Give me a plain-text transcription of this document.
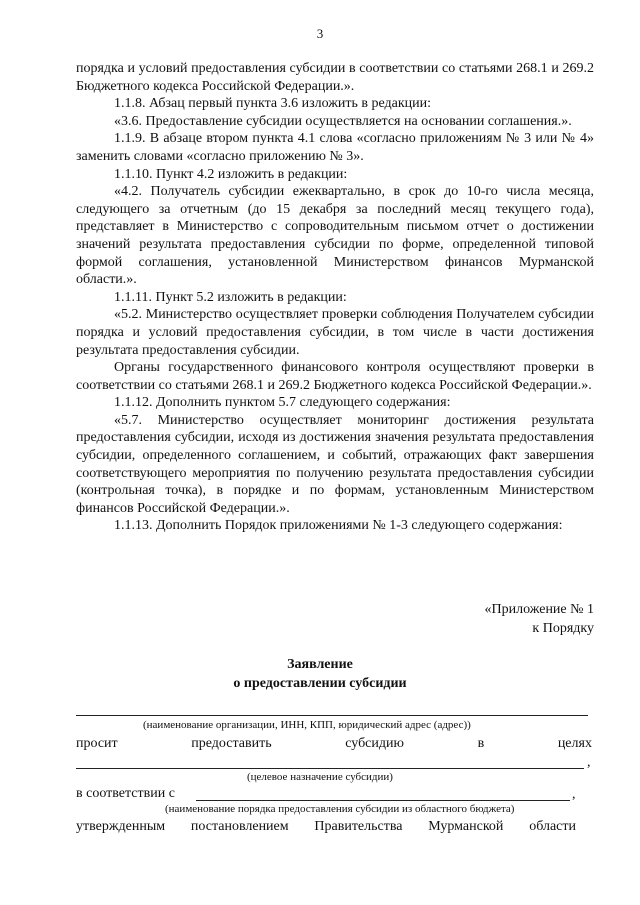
3

порядка и условий предоставления субсидии в соответствии со статьями 268.1 и 269.2 Бюджетного кодекса Российской Федерации.».

1.1.8. Абзац первый пункта 3.6 изложить в редакции:

«3.6. Предоставление субсидии осуществляется на основании соглашения.».

1.1.9. В абзаце втором пункта 4.1 слова «согласно приложениям № 3 или № 4» заменить словами «согласно приложению № 3».

1.1.10. Пункт 4.2 изложить в редакции:

«4.2. Получатель субсидии ежеквартально, в срок до 10-го числа месяца, следующего за отчетным (до 15 декабря за последний месяц текущего года), представляет в Министерство с сопроводительным письмом отчет о достижении значений результата предоставления субсидии по форме, определенной типовой формой соглашения, установленной Министерством финансов Мурманской области.».

1.1.11. Пункт 5.2 изложить в редакции:

«5.2. Министерство осуществляет проверки соблюдения Получателем субсидии порядка и условий предоставления субсидии, в том числе в части достижения результата предоставления субсидии.

Органы государственного финансового контроля осуществляют проверки в соответствии со статьями 268.1 и 269.2 Бюджетного кодекса Российской Федерации.».

1.1.12. Дополнить пунктом 5.7 следующего содержания:

«5.7. Министерство осуществляет мониторинг достижения результата предоставления субсидии, исходя из достижения значения результата предоставления субсидии, определенного соглашением, и событий, отражающих факт завершения соответствующего мероприятия по получению результата предоставления субсидии (контрольная точка), в порядке и по формам, установленным Министерством финансов Российской Федерации.».

1.1.13. Дополнить Порядок приложениями № 1-3 следующего содержания:

«Приложение № 1
к Порядку
Заявление
о предоставлении субсидии
(наименование организации, ИНН, КПП, юридический адрес (адрес))
просит	предоставить	субсидию	в	целях
,
(целевое назначение субсидии)
в соответствии с	,
(наименование порядка предоставления субсидии из областного бюджета)
утвержденным постановлением Правительства Мурманской области
